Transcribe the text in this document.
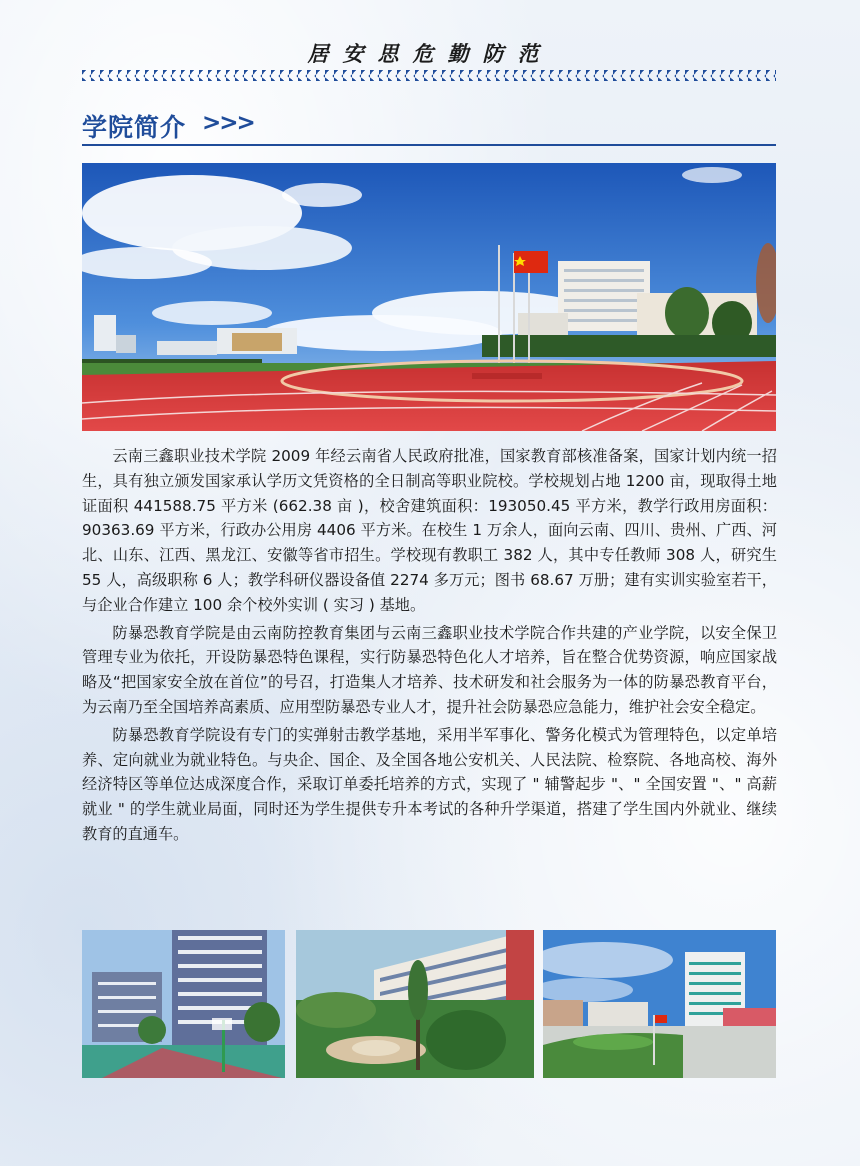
居安思危勤防范
学院简介 >>>

云南三鑫职业技术学院 2009 年经云南省人民政府批准，国家教育部核准备案，国家计划内统一招生，具有独立颁发国家承认学历文凭资格的全日制高等职业院校。学校规划占地 1200 亩，现取得土地证面积 441588.75 平方米 (662.38 亩 )，校舍建筑面积：193050.45 平方米，教学行政用房面积：90363.69 平方米，行政办公用房 4406 平方米。在校生 1 万余人，面向云南、四川、贵州、广西、河北、山东、江西、黑龙江、安徽等省市招生。学校现有教职工 382 人，其中专任教师 308 人，研究生 55 人，高级职称 6 人；教学科研仪器设备值 2274 多万元；图书 68.67 万册；建有实训实验室若干，与企业合作建立 100 余个校外实训 ( 实习 ) 基地。

防暴恐教育学院是由云南防控教育集团与云南三鑫职业技术学院合作共建的产业学院，以安全保卫管理专业为依托，开设防暴恐特色课程，实行防暴恐特色化人才培养，旨在整合优势资源，响应国家战略及“把国家安全放在首位”的号召，打造集人才培养、技术研发和社会服务为一体的防暴恐教育平台，为云南乃至全国培养高素质、应用型防暴恐专业人才，提升社会防暴恐应急能力，维护社会安全稳定。

防暴恐教育学院设有专门的实弹射击教学基地，采用半军事化、警务化模式为管理特色，以定单培养、定向就业为就业特色。与央企、国企、及全国各地公安机关、人民法院、检察院、各地高校、海外经济特区等单位达成深度合作，采取订单委托培养的方式，实现了 " 辅警起步 "、" 全国安置 "、" 高薪就业 " 的学生就业局面，同时还为学生提供专升本考试的各种升学渠道，搭建了学生国内外就业、继续教育的直通车。
